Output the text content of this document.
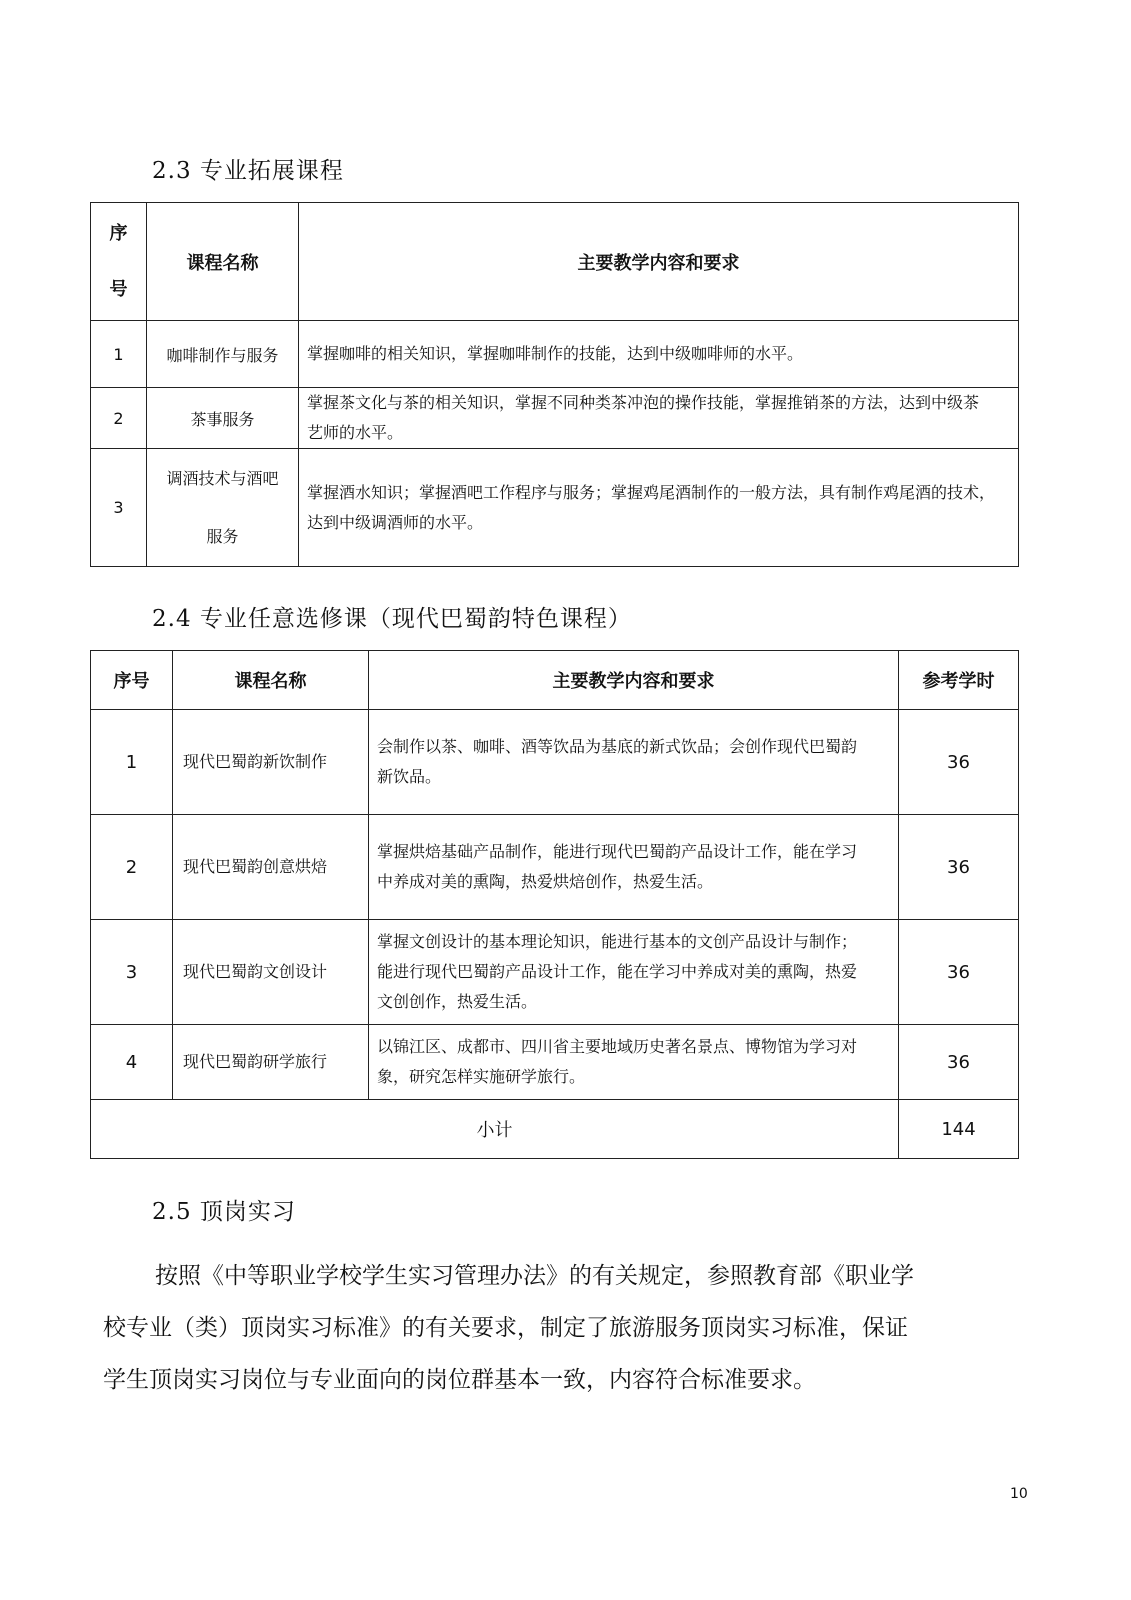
2.3 专业拓展课程
序
号	课程名称	主要教学内容和要求
1	咖啡制作与服务	掌握咖啡的相关知识，掌握咖啡制作的技能，达到中级咖啡师的水平。
2	茶事服务	掌握茶文化与茶的相关知识，掌握不同种类茶冲泡的操作技能，掌握推销茶的方法，达到中级茶
艺师的水平。
3	调酒技术与酒吧
服务	掌握酒水知识；掌握酒吧工作程序与服务；掌握鸡尾酒制作的一般方法，具有制作鸡尾酒的技术，
达到中级调酒师的水平。
2.4 专业任意选修课（现代巴蜀韵特色课程）
序号	课程名称	主要教学内容和要求	参考学时
1	现代巴蜀韵新饮制作	会制作以茶、咖啡、酒等饮品为基底的新式饮品；会创作现代巴蜀韵
新饮品。	36
2	现代巴蜀韵创意烘焙	掌握烘焙基础产品制作，能进行现代巴蜀韵产品设计工作，能在学习
中养成对美的熏陶，热爱烘焙创作，热爱生活。	36
3	现代巴蜀韵文创设计	掌握文创设计的基本理论知识，能进行基本的文创产品设计与制作；
能进行现代巴蜀韵产品设计工作，能在学习中养成对美的熏陶，热爱
文创创作，热爱生活。	36
4	现代巴蜀韵研学旅行	以锦江区、成都市、四川省主要地域历史著名景点、博物馆为学习对
象，研究怎样实施研学旅行。	36
小计			144
2.5 顶岗实习
按照《中等职业学校学生实习管理办法》的有关规定，参照教育部《职业学
校专业（类）顶岗实习标准》的有关要求，制定了旅游服务顶岗实习标准，保证
学生顶岗实习岗位与专业面向的岗位群基本一致，内容符合标准要求。
10
